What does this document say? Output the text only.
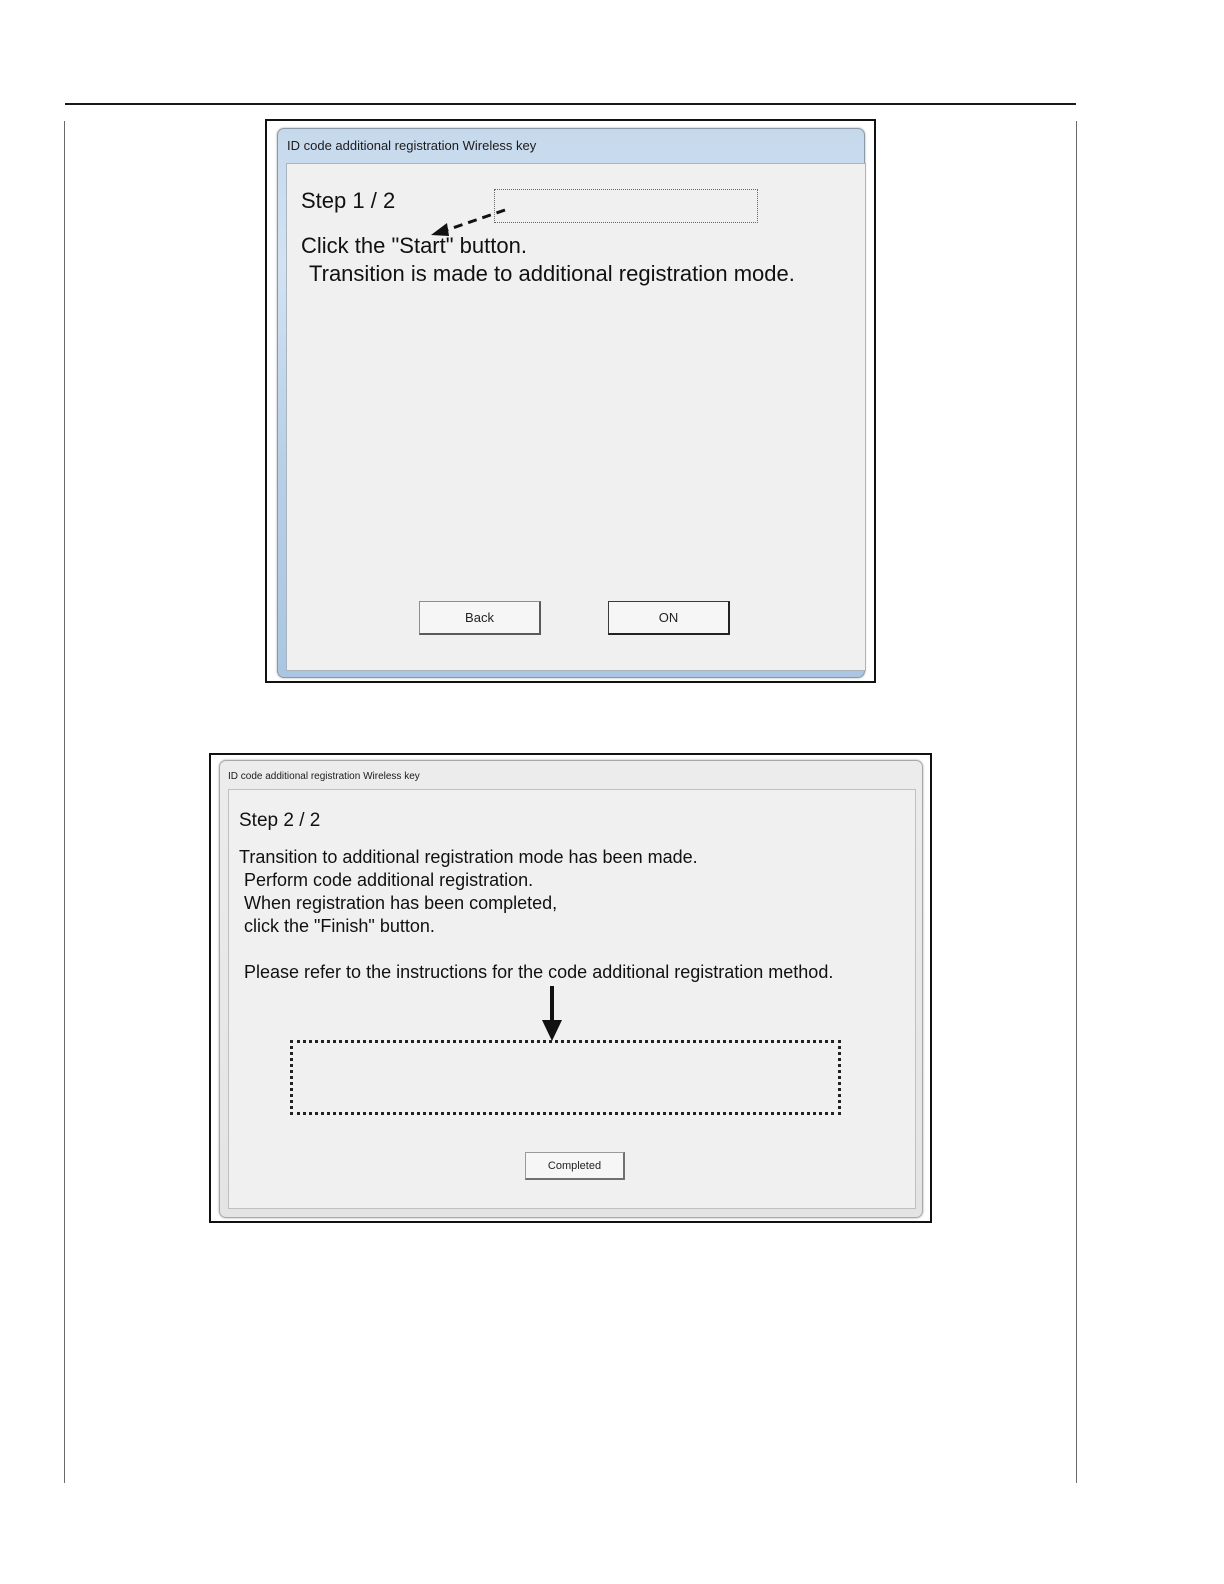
ID code additional registration Wireless key
Step 1 / 2
Click the "Start" button.
Transition is made to additional registration mode.
Back	ON
ID code additional registration Wireless key
Step 2 / 2
Transition to additional registration mode has been made.
Perform code additional registration.
When registration has been completed,
click the "Finish" button.
Please refer to the instructions for the code additional registration method.
Completed
